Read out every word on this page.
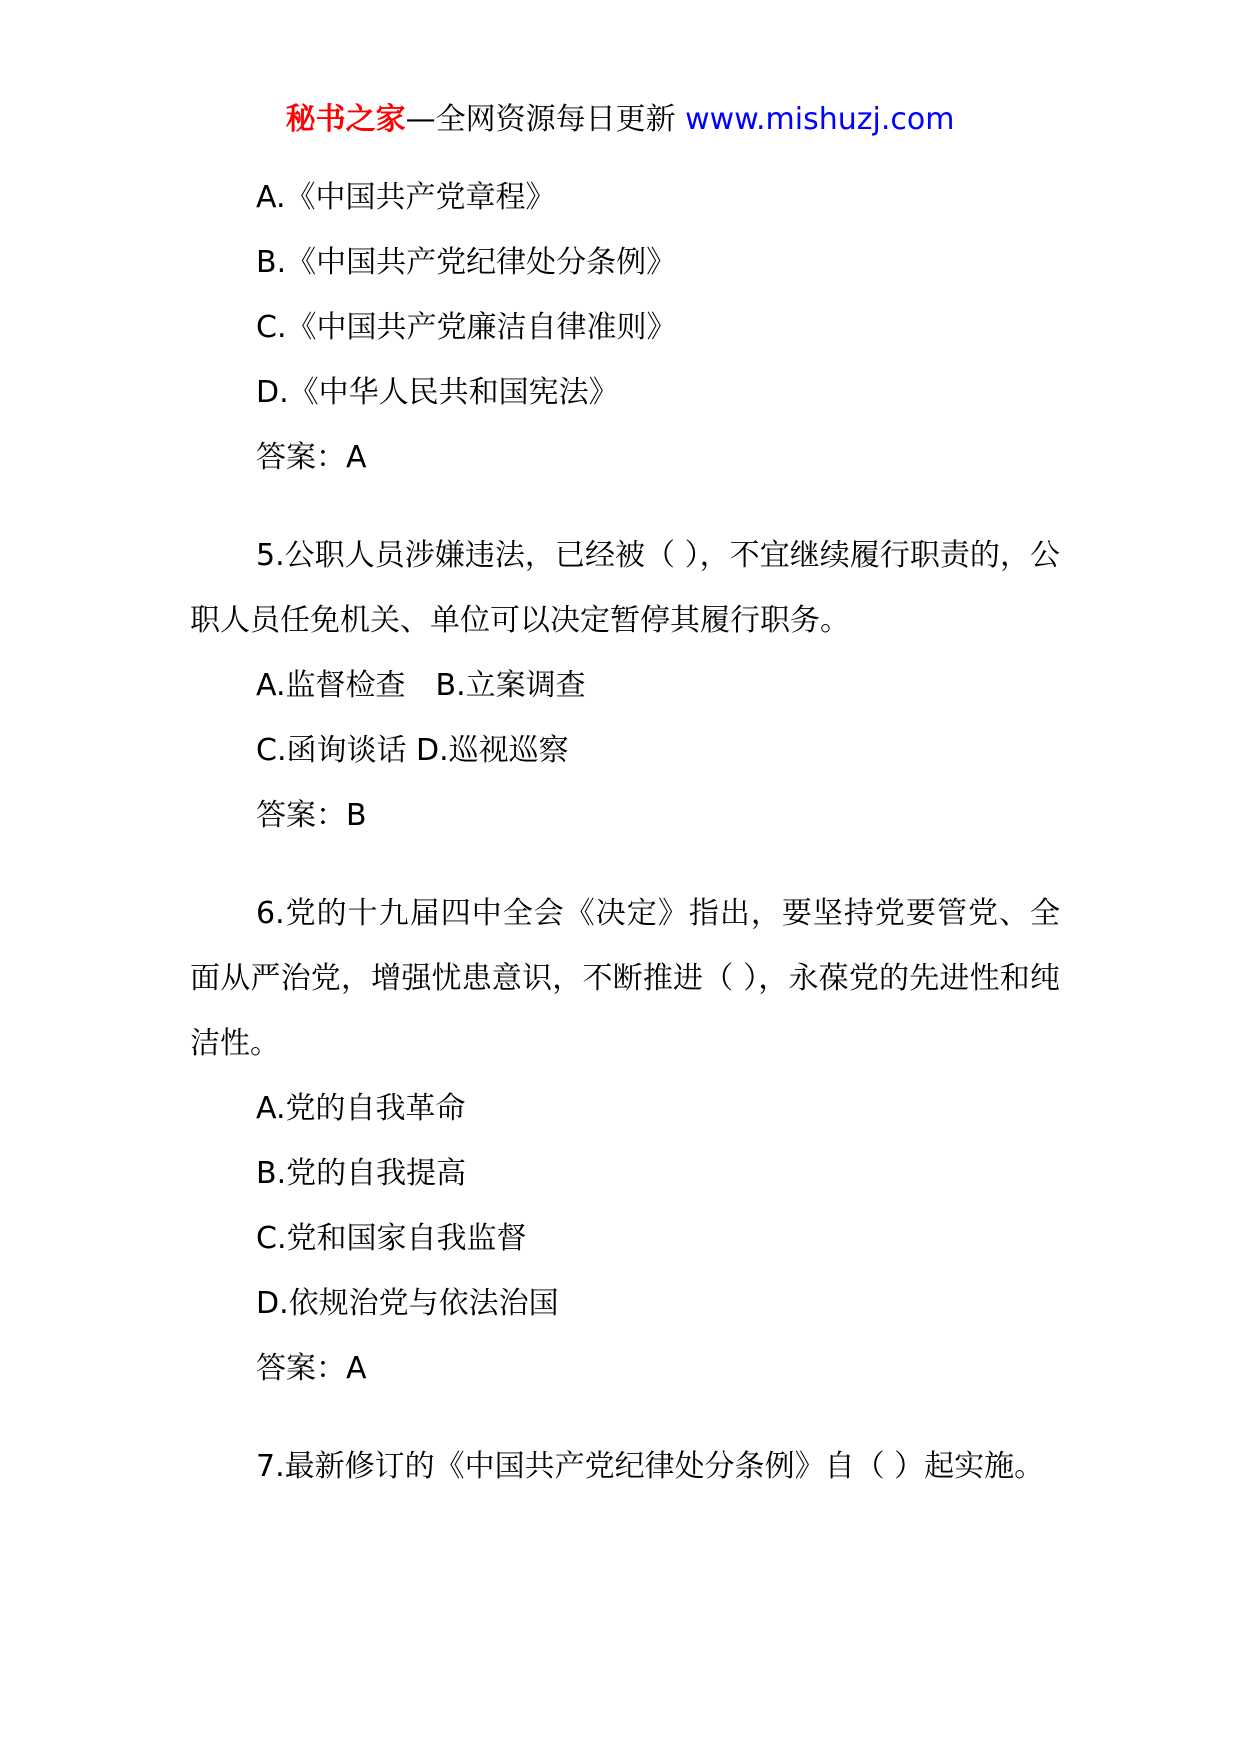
秘书之家—全网资源每日更新 www.mishuzj.com
A.《中国共产党章程》
B.《中国共产党纪律处分条例》
C.《中国共产党廉洁自律准则》
D.《中华人民共和国宪法》
答案：A
5.公职人员涉嫌违法，已经被（ ），不宜继续履行职责的，公职人员任免机关、单位可以决定暂停其履行职务。
A.监督检查　B.立案调查
C.函询谈话 D.巡视巡察
答案：B
6.党的十九届四中全会《决定》指出，要坚持党要管党、全面从严治党，增强忧患意识，不断推进（ ），永葆党的先进性和纯洁性。
A.党的自我革命
B.党的自我提高
C.党和国家自我监督
D.依规治党与依法治国
答案：A
7.最新修订的《中国共产党纪律处分条例》自（ ）起实施。
